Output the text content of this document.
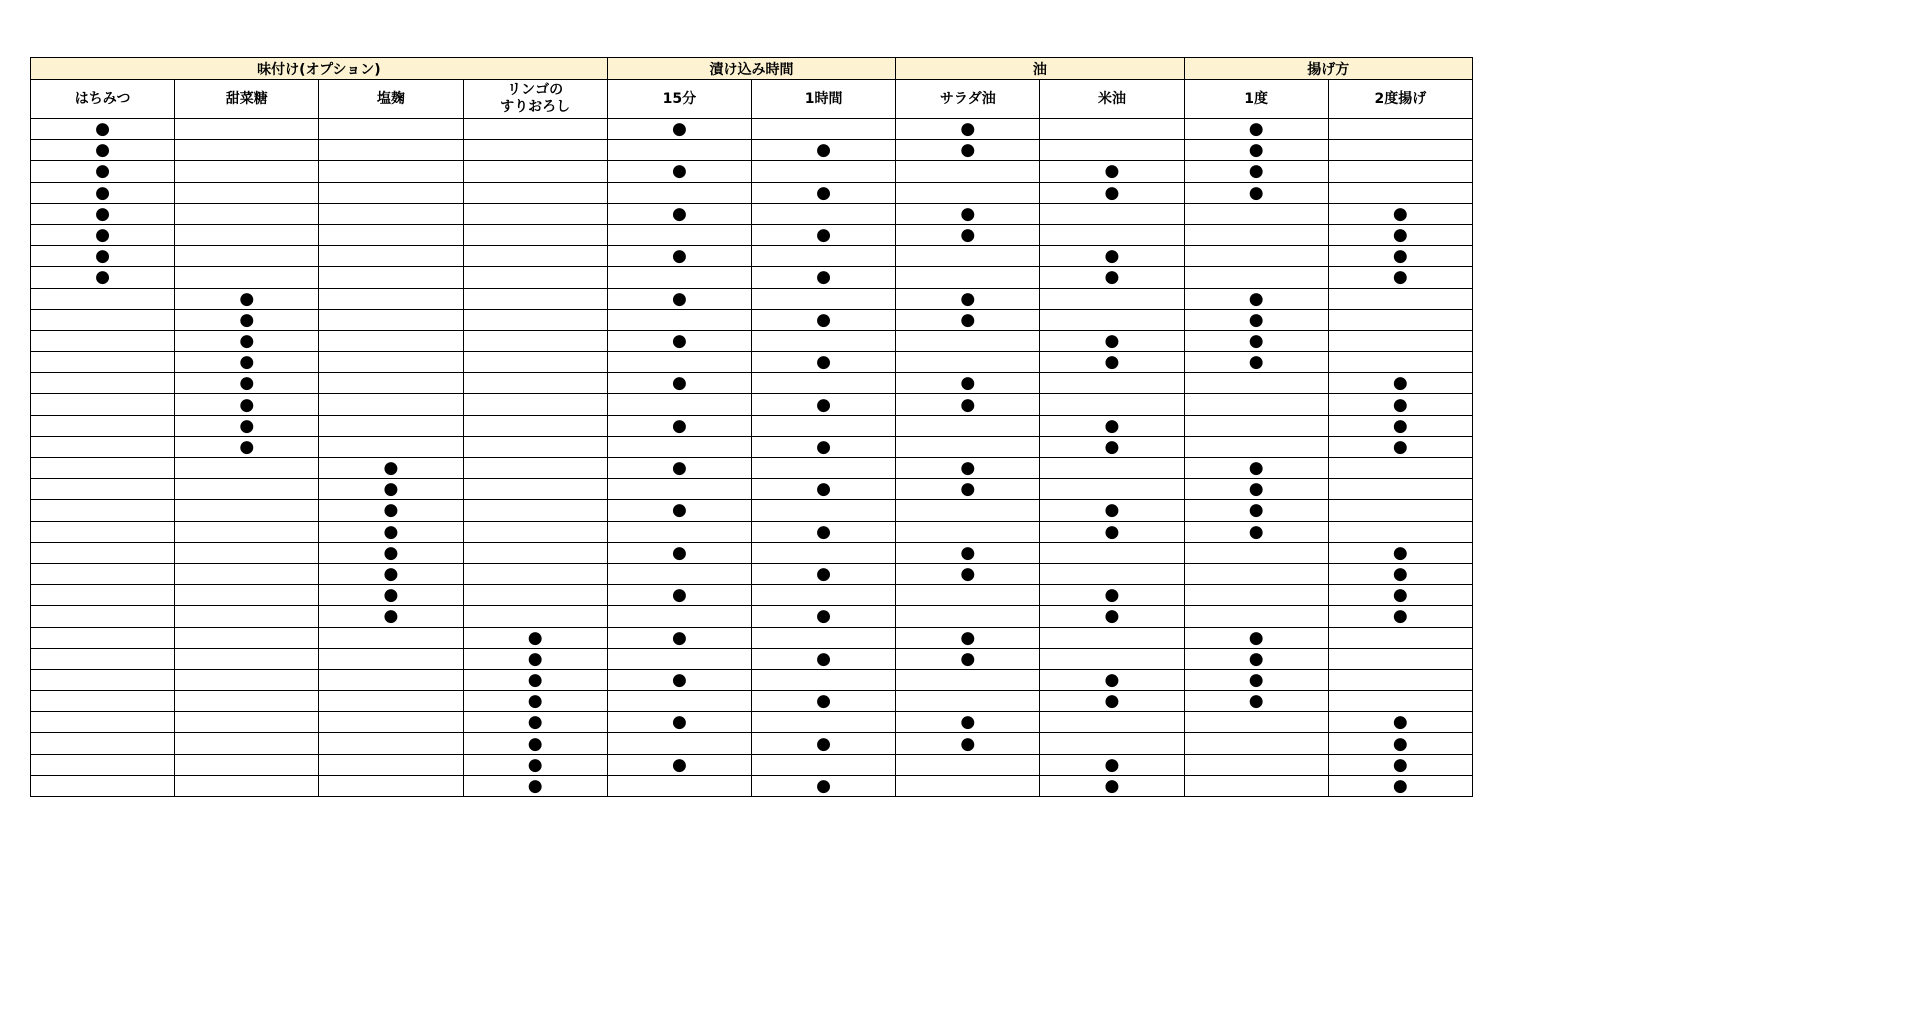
味付け(オプション)				漬け込み時間		油		揚げ方	

はちみつ	甜菜糖	塩麹	リンゴの
すりおろし	15分	1時間	サラダ油	米油	1度	2度揚げ

●				●		●		●	
●					●	●		●	
●				●			●	●	
●					●		●	●	
●				●		●			●
●					●	●			●
●				●			●		●
●					●		●		●
	●			●		●		●	
	●				●	●		●	
	●			●			●	●	
	●				●		●	●	
	●			●		●			●
	●				●	●			●
	●			●			●		●
	●				●		●		●
		●		●		●		●	
		●			●	●		●	
		●		●			●	●	
		●			●		●	●	
		●		●		●			●
		●			●	●			●
		●		●			●		●
		●			●		●		●
			●	●		●		●	
			●		●	●		●	
			●	●			●	●	
			●		●		●	●	
			●	●		●			●
			●		●	●			●
			●	●			●		●
			●		●		●		●
